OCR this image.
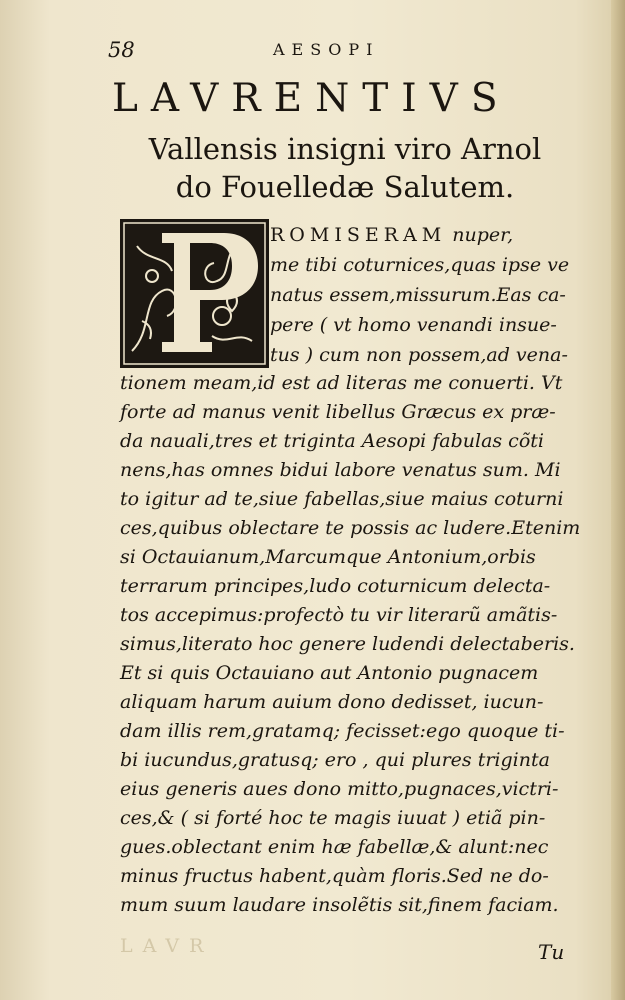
58	AESOPI
LAVRENTIVS
Vallensis insigni viro Arnol
do Fouelledæ Salutem.
ROMISERAM nuper,
me tibi coturnices,quas ipse ve
natus essem,missurum.Eas ca-
pere ( vt homo venandi insue-
tus ) cum non possem,ad vena-
tionem meam,id est ad literas me conuerti. Vt
forte ad manus venit libellus Græcus ex præ-
da nauali,tres et triginta Aesopi fabulas cõti
nens,has omnes bidui labore venatus sum. Mi
to igitur ad te,siue fabellas,siue maius coturni
ces,quibus oblectare te possis ac ludere.Etenim
si Octauianum,Marcumque Antonium,orbis
terrarum principes,ludo coturnicum delecta-
tos accepimus:profectò tu vir literarũ amãtis-
simus,literato hoc genere ludendi delectaberis.
Et si quis Octauiano aut Antonio pugnacem
aliquam harum auium dono dedisset, iucun-
dam illis rem,gratamq; fecisset:ego quoque ti-
bi iucundus,gratusq; ero , qui plures triginta
eius generis aues dono mitto,pugnaces,victri-
ces,& ( si forté hoc te magis iuuat ) etiã pin-
gues.oblectant enim hæ fabellæ,& alunt:nec
minus fructus habent,quàm floris.Sed ne do-
mum suum laudare insolẽtis sit,finem faciam.
LAVR	Tu
